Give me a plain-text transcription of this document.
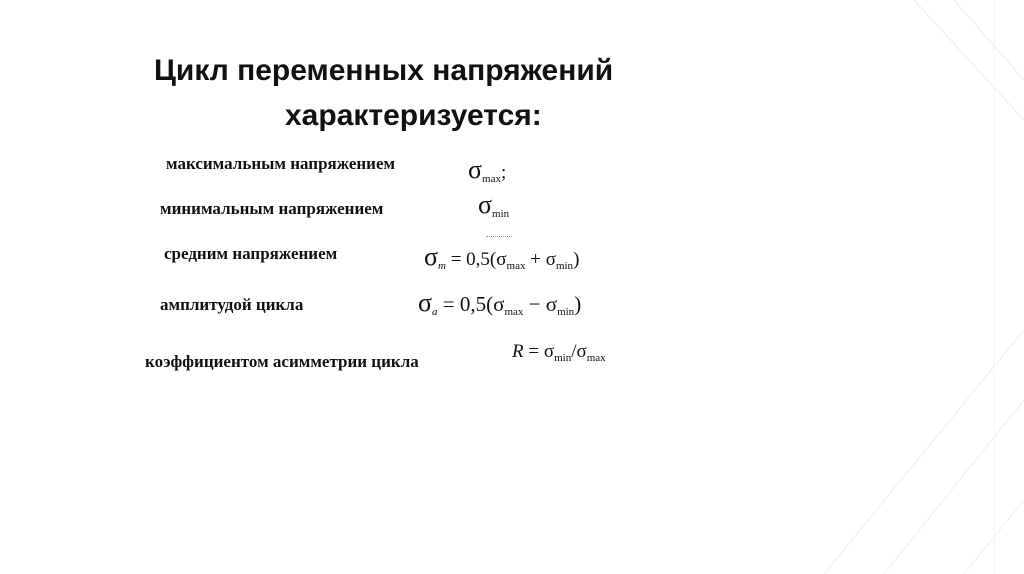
Цикл переменных напряжений
характеризуется:
максимальным напряжением	$\sigma_{max}$;
минимальным напряжением	$\sigma_{min}$
средним напряжением	$\sigma_m = 0,5(\sigma_{max} + \sigma_{min})$
амплитудой цикла	$\sigma_a = 0,5(\sigma_{max} - \sigma_{min})$
коэффициентом асимметрии цикла	$R = \sigma_{min}/\sigma_{max}$
